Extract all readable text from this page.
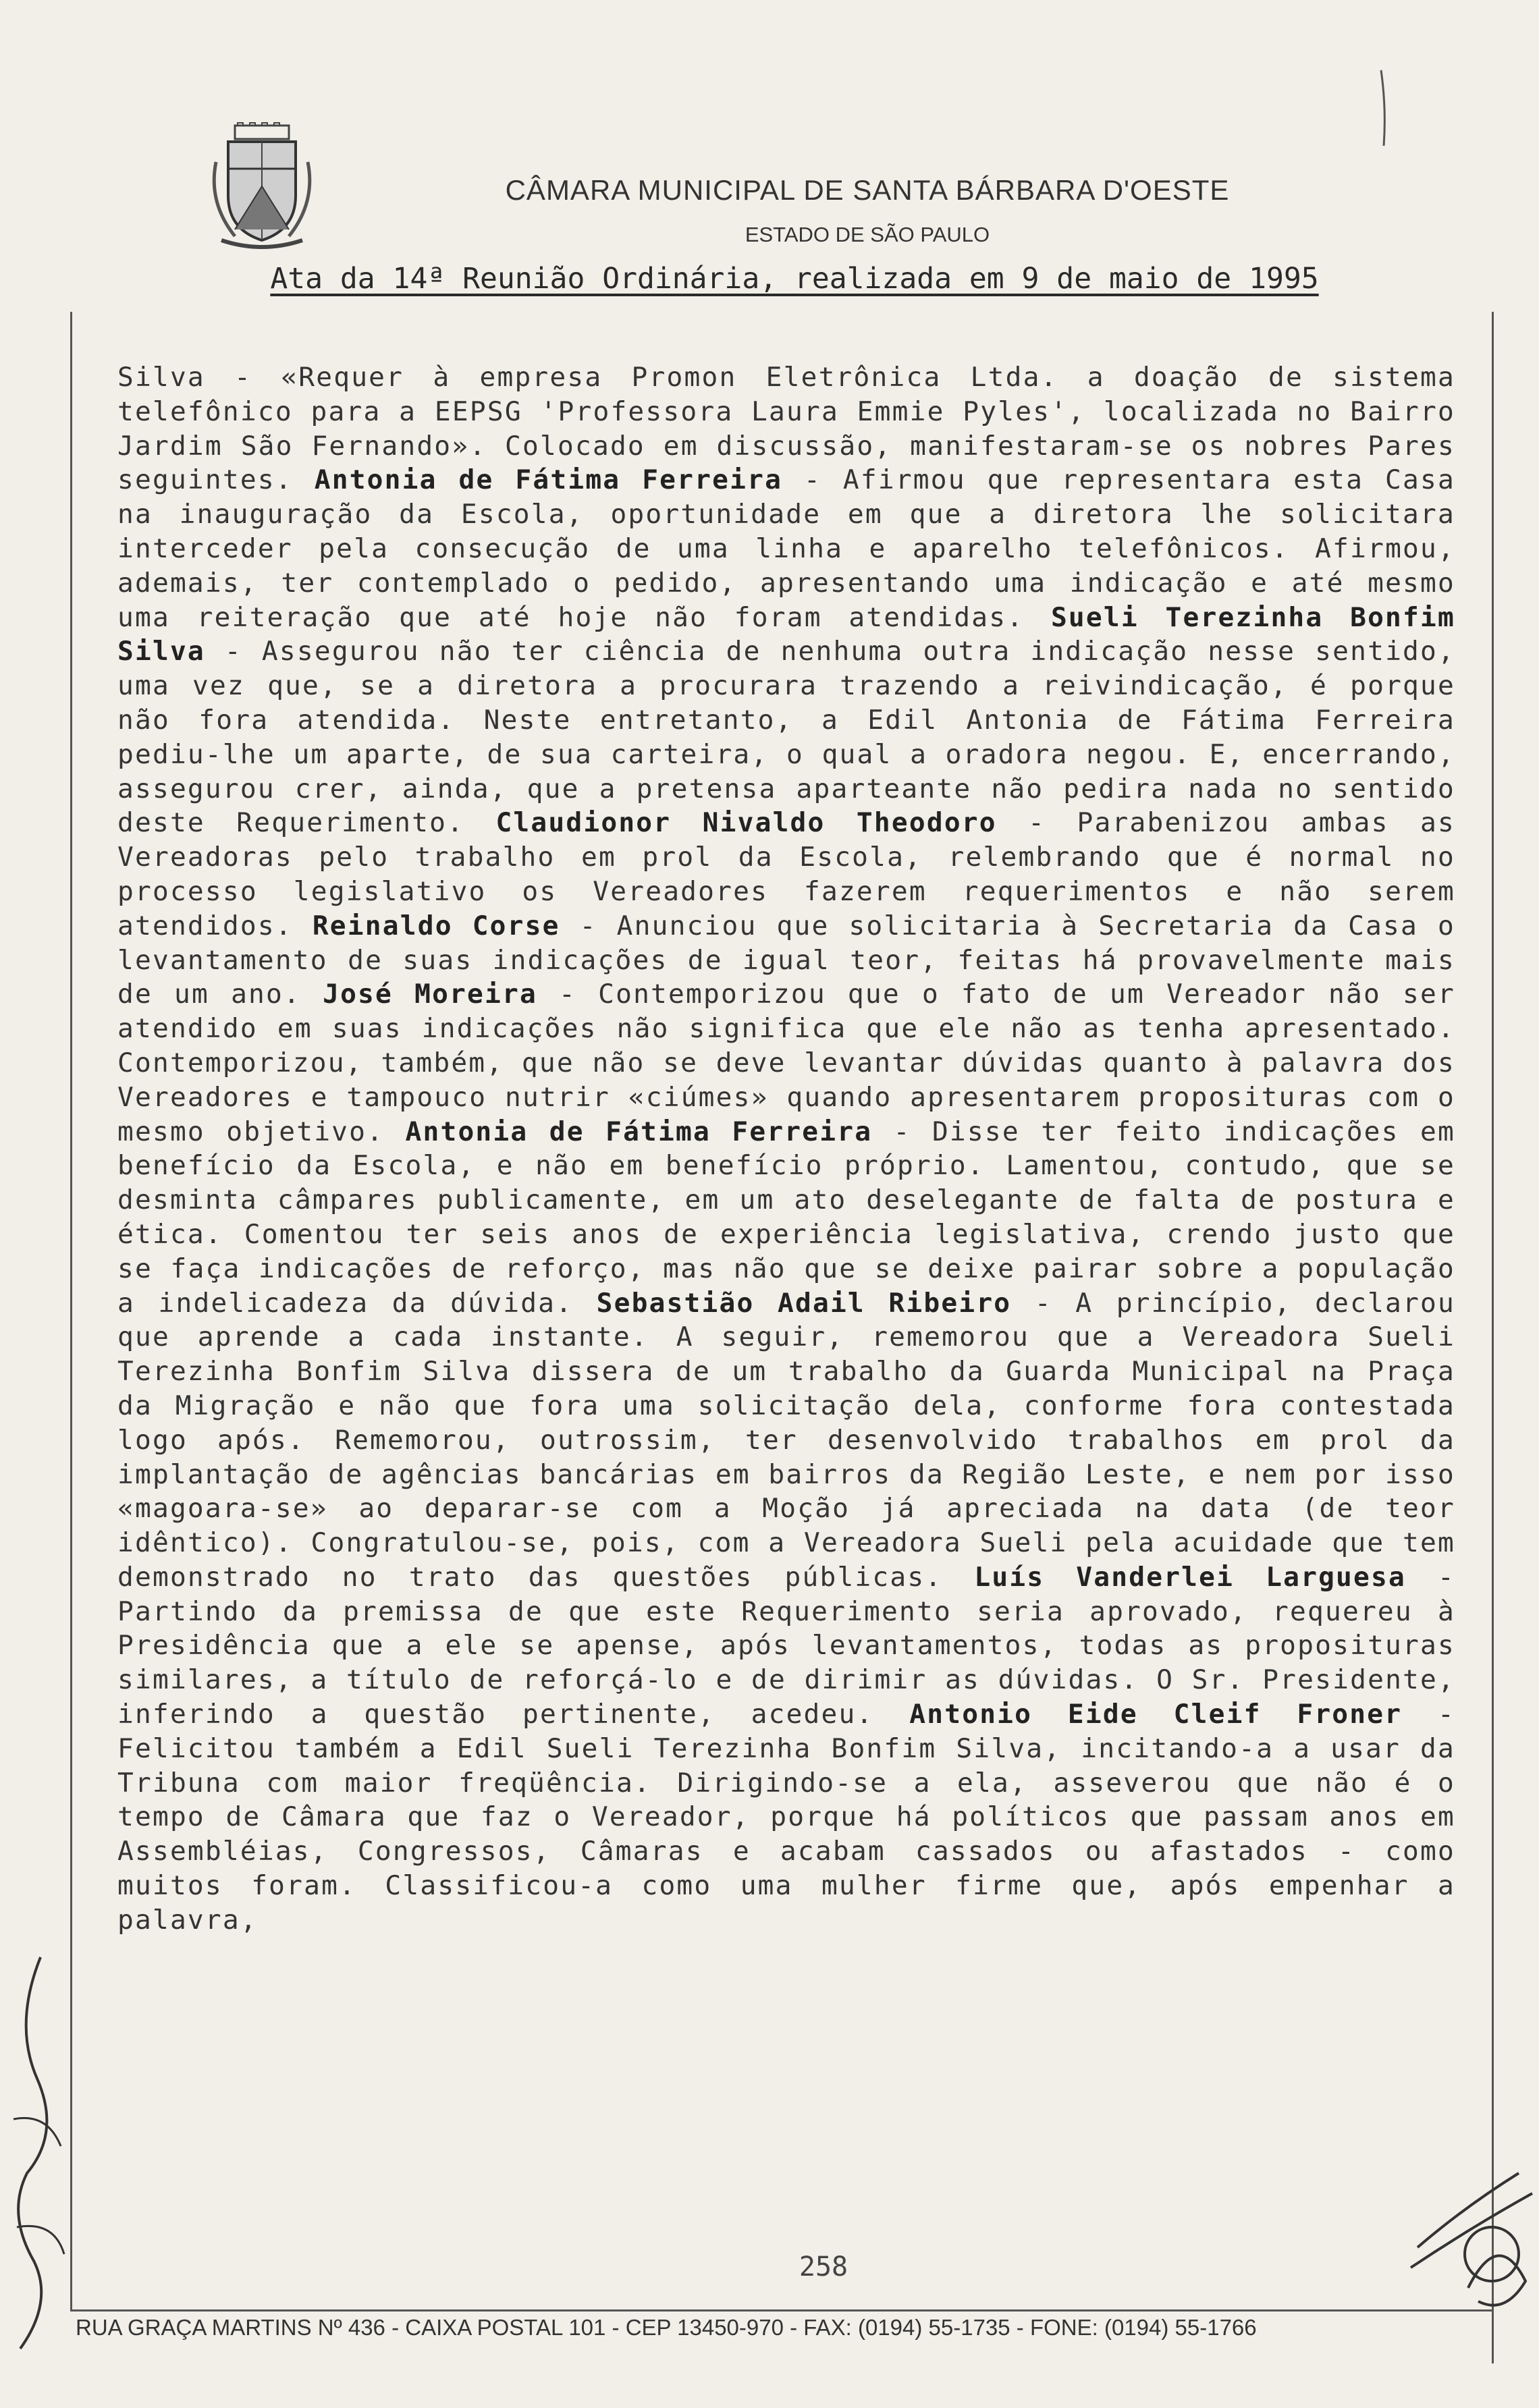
CÂMARA MUNICIPAL DE SANTA BÁRBARA D'OESTE
ESTADO DE SÃO PAULO
Ata da 14ª Reunião Ordinária, realizada em 9 de maio de 1995
Silva - «Requer à empresa Promon Eletrônica Ltda. a doação de sistema telefônico para a EEPSG 'Professora Laura Emmie Pyles', localizada no Bairro Jardim São Fernando». Colocado em discussão, manifestaram-se os nobres Pares seguintes. Antonia de Fátima Ferreira - Afirmou que representara esta Casa na inauguração da Escola, oportunidade em que a diretora lhe solicitara interceder pela consecução de uma linha e aparelho telefônicos. Afirmou, ademais, ter contemplado o pedido, apresentando uma indicação e até mesmo uma reiteração que até hoje não foram atendidas. Sueli Terezinha Bonfim Silva - Assegurou não ter ciência de nenhuma outra indicação nesse sentido, uma vez que, se a diretora a procurara trazendo a reivindicação, é porque não fora atendida. Neste entretanto, a Edil Antonia de Fátima Ferreira pediu-lhe um aparte, de sua carteira, o qual a oradora negou. E, encerrando, assegurou crer, ainda, que a pretensa aparteante não pedira nada no sentido deste Requerimento. Claudionor Nivaldo Theodoro - Parabenizou ambas as Vereadoras pelo trabalho em prol da Escola, relembrando que é normal no processo legislativo os Vereadores fazerem requerimentos e não serem atendidos. Reinaldo Corse - Anunciou que solicitaria à Secretaria da Casa o levantamento de suas indicações de igual teor, feitas há provavelmente mais de um ano. José Moreira - Contemporizou que o fato de um Vereador não ser atendido em suas indicações não significa que ele não as tenha apresentado. Contemporizou, também, que não se deve levantar dúvidas quanto à palavra dos Vereadores e tampouco nutrir «ciúmes» quando apresentarem proposituras com o mesmo objetivo. Antonia de Fátima Ferreira - Disse ter feito indicações em benefício da Escola, e não em benefício próprio. Lamentou, contudo, que se desminta câmpares publicamente, em um ato deselegante de falta de postura e ética. Comentou ter seis anos de experiência legislativa, crendo justo que se faça indicações de reforço, mas não que se deixe pairar sobre a população a indelicadeza da dúvida. Sebastião Adail Ribeiro - A princípio, declarou que aprende a cada instante. A seguir, rememorou que a Vereadora Sueli Terezinha Bonfim Silva dissera de um trabalho da Guarda Municipal na Praça da Migração e não que fora uma solicitação dela, conforme fora contestada logo após. Rememorou, outrossim, ter desenvolvido trabalhos em prol da implantação de agências bancárias em bairros da Região Leste, e nem por isso «magoara-se» ao deparar-se com a Moção já apreciada na data (de teor idêntico). Congratulou-se, pois, com a Vereadora Sueli pela acuidade que tem demonstrado no trato das questões públicas. Luís Vanderlei Larguesa - Partindo da premissa de que este Requerimento seria aprovado, requereu à Presidência que a ele se apense, após levantamentos, todas as proposituras similares, a título de reforçá-lo e de dirimir as dúvidas. O Sr. Presidente, inferindo a questão pertinente, acedeu. Antonio Eide Cleif Froner - Felicitou também a Edil Sueli Terezinha Bonfim Silva, incitando-a a usar da Tribuna com maior freqüência. Dirigindo-se a ela, asseverou que não é o tempo de Câmara que faz o Vereador, porque há políticos que passam anos em Assembléias, Congressos, Câmaras e acabam cassados ou afastados - como muitos foram. Classificou-a como uma mulher firme que, após empenhar a palavra,
258
RUA GRAÇA MARTINS Nº 436 - CAIXA POSTAL 101 - CEP 13450-970 - FAX: (0194) 55-1735 - FONE: (0194) 55-1766
